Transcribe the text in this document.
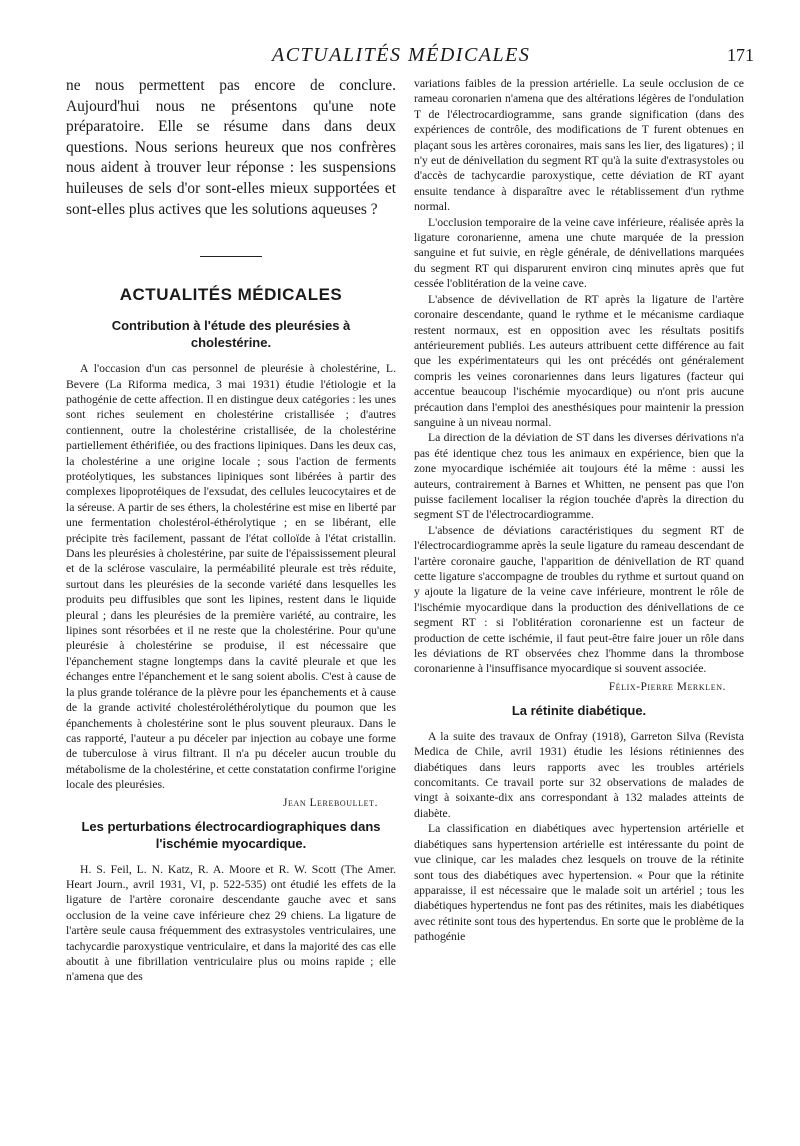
ACTUALITÉS MÉDICALES	171

ne nous permettent pas encore de conclure. Aujourd'hui nous ne présentons qu'une note préparatoire. Elle se résume dans dans deux questions. Nous serions heureux que nos confrères nous aident à trouver leur réponse : les suspensions huileuses de sels d'or sont-elles mieux supportées et sont-elles plus actives que les solutions aqueuses ?

ACTUALITÉS MÉDICALES
Contribution à l'étude des pleurésies à cholestérine.

A l'occasion d'un cas personnel de pleurésie à cholestérine, L. Bevere (La Riforma medica, 3 mai 1931) étudie l'étiologie et la pathogénie de cette affection. Il en distingue deux catégories : les unes sont riches seulement en cholestérine cristallisée ; d'autres contiennent, outre la cholestérine cristallisée, de la cholestérine partiellement éthérifiée, ou des fractions lipiniques. Dans les deux cas, la cholestérine a une origine locale ; sous l'action de ferments protéolytiques, les substances lipiniques sont libérées à partir des complexes lipoprotéiques de l'exsudat, des cellules leucocytaires et de la séreuse. A partir de ses éthers, la cholestérine est mise en liberté par une fermentation cholestérol-éthérolytique ; en se libérant, elle précipite très facilement, passant de l'état colloïde à l'état cristallin. Dans les pleurésies à cholestérine, par suite de l'épaississement pleural et de la sclérose vasculaire, la perméabilité pleurale est très réduite, surtout dans les pleurésies de la seconde variété dans lesquelles les produits peu diffusibles que sont les lipines, restent dans le liquide pleural ; dans les pleurésies de la première variété, au contraire, les lipines sont résorbées et il ne reste que la cholestérine. Pour qu'une pleurésie à cholestérine se produise, il est nécessaire que l'épanchement stagne longtemps dans la cavité pleurale et que les échanges entre l'épanchement et le sang soient abolis. C'est à cause de la plus grande tolérance de la plèvre pour les épanchements et à cause de la grande activité cholestéroléthérolytique du poumon que les épanchements à cholestérine sont le plus souvent pleuraux. Dans le cas rapporté, l'auteur a pu déceler par injection au cobaye une forme de tuberculose à virus filtrant. Il n'a pu déceler aucun trouble du métabolisme de la cholestérine, et cette constatation confirme l'origine locale des pleurésies.

Jean Lereboullet.

Les perturbations électrocardiographiques dans l'ischémie myocardique.

H. S. Feil, L. N. Katz, R. A. Moore et R. W. Scott (The Amer. Heart Journ., avril 1931, VI, p. 522-535) ont étudié les effets de la ligature de l'artère coronaire descendante gauche avec et sans occlusion de la veine cave inférieure chez 29 chiens. La ligature de l'artère seule causa fréquemment des extrasystoles ventriculaires, une tachycardie paroxystique ventriculaire, et dans la majorité des cas elle aboutit à une fibrillation ventriculaire plus ou moins rapide ; elle n'amena que des

variations faibles de la pression artérielle. La seule occlusion de ce rameau coronarien n'amena que des altérations légères de l'ondulation T de l'électrocardiogramme, sans grande signification (dans des expériences de contrôle, des modifications de T furent obtenues en plaçant sous les artères coronaires, mais sans les lier, des ligatures) ; il n'y eut de dénivellation du segment RT qu'à la suite d'extrasystoles ou d'accès de tachycardie paroxystique, cette déviation de RT ayant ensuite tendance à disparaître avec le rétablissement d'un rythme normal.

L'occlusion temporaire de la veine cave inférieure, réalisée après la ligature coronarienne, amena une chute marquée de la pression sanguine et fut suivie, en règle générale, de dénivellations marquées du segment RT qui disparurent environ cinq minutes après que fut cessée l'oblitération de la veine cave.

L'absence de dévivellation de RT après la ligature de l'artère coronaire descendante, quand le rythme et le mécanisme cardiaque restent normaux, est en opposition avec les résultats positifs antérieurement publiés. Les auteurs attribuent cette différence au fait que les expérimentateurs qui les ont précédés ont généralement compris les veines coronariennes dans leurs ligatures (facteur qui accentue beaucoup l'ischémie myocardique) ou n'ont pris aucune précaution dans l'emploi des anesthésiques pour maintenir la pression sanguine à un niveau normal.

La direction de la déviation de ST dans les diverses dérivations n'a pas été identique chez tous les animaux en expérience, bien que la zone myocardique ischémiée ait toujours été la même : aussi les auteurs, contrairement à Barnes et Whitten, ne pensent pas que l'on puisse facilement localiser la région touchée d'après la direction du segment ST de l'électrocardiogramme.

L'absence de déviations caractéristiques du segment RT de l'électrocardiogramme après la seule ligature du rameau descendant de l'artère coronaire gauche, l'apparition de dénivellation de RT quand cette ligature s'accompagne de troubles du rythme et surtout quand on y ajoute la ligature de la veine cave inférieure, montrent le rôle de l'ischémie myocardique dans la production des dénivellations de ce segment RT : si l'oblitération coronarienne est un facteur de production de cette ischémie, il faut peut-être faire jouer un rôle dans les déviations de RT observées chez l'homme dans la thrombose coronarienne à l'insuffisance myocardique si souvent associée.

Félix-Pierre Merklen.

La rétinite diabétique.

A la suite des travaux de Onfray (1918), Garreton Silva (Revista Medica de Chile, avril 1931) étudie les lésions rétiniennes des diabétiques dans leurs rapports avec les troubles artériels concomitants. Ce travail porte sur 32 observations de malades de vingt à soixante-dix ans correspondant à 132 malades atteints de diabète.

La classification en diabétiques avec hypertension artérielle et diabétiques sans hypertension artérielle est intéressante du point de vue clinique, car les malades chez lesquels on trouve de la rétinite sont tous des diabétiques avec hypertension. « Pour que la rétinite apparaisse, il est nécessaire que le malade soit un artériel ; tous les diabétiques hypertendus ne font pas des rétinites, mais les diabétiques avec rétinite sont tous des hypertendus. En sorte que le problème de la pathogénie
